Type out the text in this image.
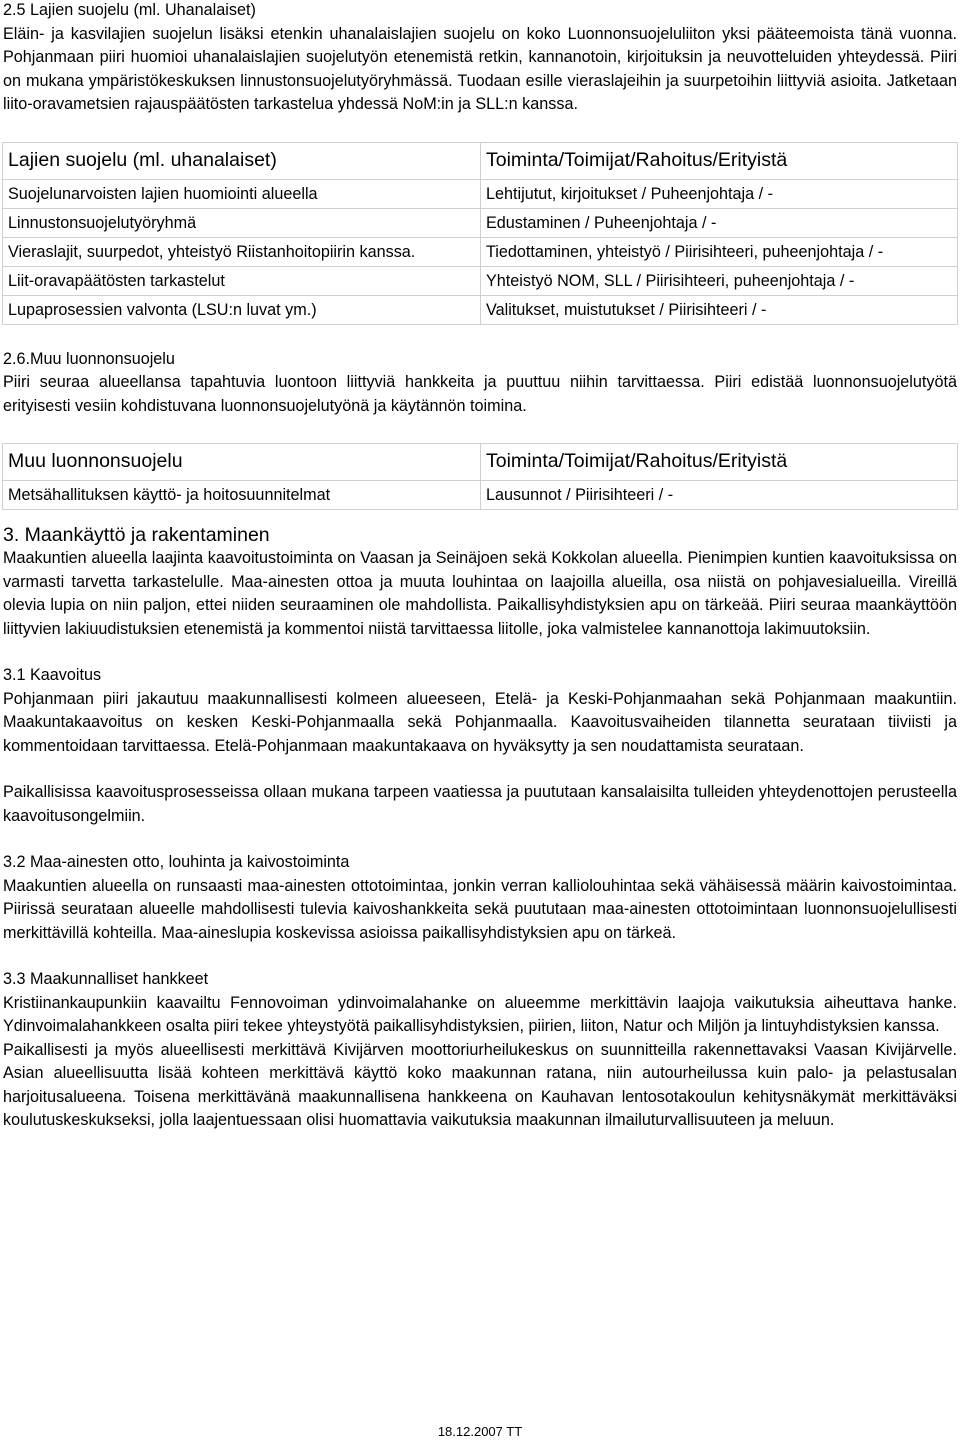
2.5 Lajien suojelu (ml. Uhanalaiset)

Eläin- ja kasvilajien suojelun lisäksi etenkin uhanalaislajien suojelu on koko Luonnonsuojeluliiton yksi pääteemoista tänä vuonna. Pohjanmaan piiri huomioi uhanalaislajien suojelutyön etenemistä retkin, kannanotoin, kirjoituksin ja neuvotteluiden yhteydessä. Piiri on mukana ympäristökeskuksen linnustonsuojelutyöryhmässä. Tuodaan esille vieraslajeihin ja suurpetoihin liittyviä asioita. Jatketaan liito-oravametsien rajauspäätösten tarkastelua yhdessä NoM:in ja SLL:n kanssa.

Lajien suojelu (ml. uhanalaiset)	Toiminta/Toimijat/Rahoitus/Erityistä
Suojelunarvoisten lajien huomiointi alueella	Lehtijutut, kirjoitukset / Puheenjohtaja / -
Linnustonsuojelutyöryhmä	Edustaminen / Puheenjohtaja / -
Vieraslajit, suurpedot, yhteistyö Riistanhoitopiirin kanssa.	Tiedottaminen, yhteistyö / Piirisihteeri, puheenjohtaja / -
Liit-oravapäätösten tarkastelut	Yhteistyö NOM, SLL / Piirisihteeri, puheenjohtaja / -
Lupaprosessien valvonta (LSU:n luvat ym.)	Valitukset, muistutukset / Piirisihteeri / -

2.6.Muu luonnonsuojelu

Piiri seuraa alueellansa tapahtuvia luontoon liittyviä hankkeita ja puuttuu niihin tarvittaessa. Piiri edistää luonnonsuojelutyötä erityisesti vesiin kohdistuvana luonnonsuojelutyönä ja käytännön toimina.

Muu luonnonsuojelu	Toiminta/Toimijat/Rahoitus/Erityistä
Metsähallituksen käyttö- ja hoitosuunnitelmat	Lausunnot / Piirisihteeri / -

3. Maankäyttö ja rakentaminen

Maakuntien alueella laajinta kaavoitustoiminta on Vaasan ja Seinäjoen sekä Kokkolan alueella. Pienimpien kuntien kaavoituksissa on varmasti tarvetta tarkastelulle. Maa-ainesten ottoa ja muuta louhintaa on laajoilla alueilla, osa niistä on pohjavesialueilla. Vireillä olevia lupia on niin paljon, ettei niiden seuraaminen ole mahdollista. Paikallisyhdistyksien apu on tärkeää. Piiri seuraa maankäyttöön liittyvien lakiuudistuksien etenemistä ja kommentoi niistä tarvittaessa liitolle, joka valmistelee kannanottoja lakimuutoksiin.

3.1 Kaavoitus

Pohjanmaan piiri jakautuu maakunnallisesti kolmeen alueeseen, Etelä- ja Keski-Pohjanmaahan sekä Pohjanmaan maakuntiin. Maakuntakaavoitus on kesken Keski-Pohjanmaalla sekä Pohjanmaalla. Kaavoitusvaiheiden tilannetta seurataan tiiviisti ja kommentoidaan tarvittaessa. Etelä-Pohjanmaan maakuntakaava on hyväksytty ja sen noudattamista seurataan.

Paikallisissa kaavoitusprosesseissa ollaan mukana tarpeen vaatiessa ja puututaan kansalaisilta tulleiden yhteydenottojen perusteella kaavoitusongelmiin.

3.2 Maa-ainesten otto, louhinta ja kaivostoiminta

Maakuntien alueella on runsaasti maa-ainesten ottotoimintaa, jonkin verran kalliolouhintaa sekä vähäisessä määrin kaivostoimintaa. Piirissä seurataan alueelle mahdollisesti tulevia kaivoshankkeita sekä puututaan maa-ainesten ottotoimintaan luonnonsuojelullisesti merkittävillä kohteilla. Maa-aineslupia koskevissa asioissa paikallisyhdistyksien apu on tärkeä.

3.3 Maakunnalliset hankkeet

Kristiinankaupunkiin kaavailtu Fennovoiman ydinvoimalahanke on alueemme merkittävin laajoja vaikutuksia aiheuttava hanke. Ydinvoimalahankkeen osalta piiri tekee yhteystyötä paikallisyhdistyksien, piirien, liiton, Natur och Miljön ja lintuyhdistyksien kanssa.

Paikallisesti ja myös alueellisesti merkittävä Kivijärven moottoriurheilukeskus on suunnitteilla rakennettavaksi Vaasan Kivijärvelle. Asian alueellisuutta lisää kohteen merkittävä käyttö koko maakunnan ratana, niin autourheilussa kuin palo- ja pelastusalan harjoitusalueena. Toisena merkittävänä maakunnallisena hankkeena on Kauhavan lentosotakoulun kehitysnäkymät merkittäväksi koulutuskeskukseksi, jolla laajentuessaan olisi huomattavia vaikutuksia maakunnan ilmailuturvallisuuteen ja meluun.

18.12.2007 TT
